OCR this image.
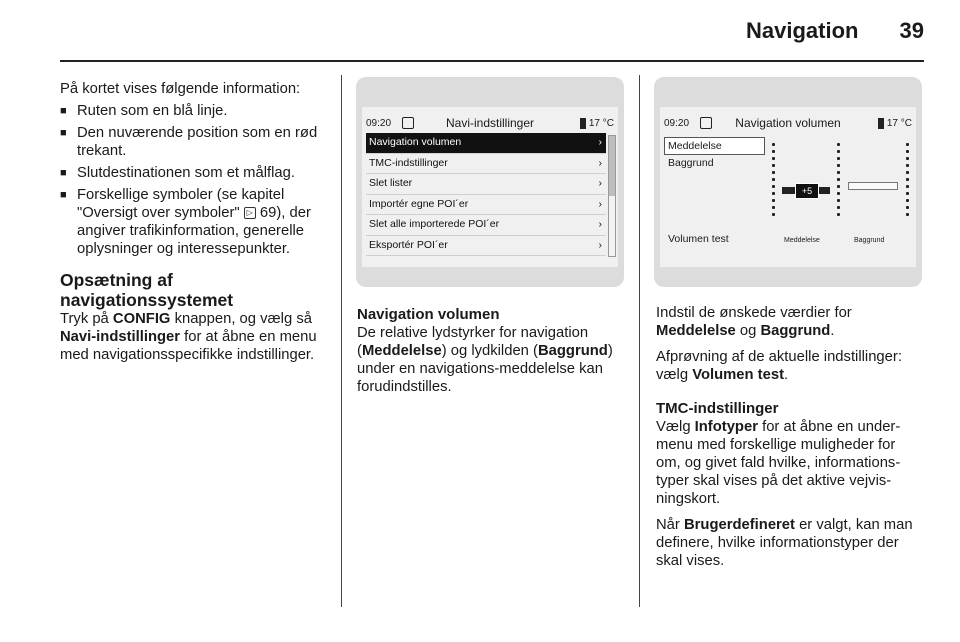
Navigation	39

På kortet vises følgende information:

■ Ruten som en blå linje.

■ Den nuværende position som en rød trekant.

■ Slutdestinationen som et målflag.

■ Forskellige symboler (se kapitel "Oversigt over symboler" ▷ 69), der angiver trafikinformation, generelle oplysninger og interessepunkter.

Opsætning af navigationssystemet

Tryk på CONFIG knappen, og vælg så Navi-indstillinger for at åbne en menu med navigationsspecifikke indstillinger.

09:20	Navi-indstillinger	17 °C
Navigation volumen	›
TMC-indstillinger	›
Slet lister	›
Importér egne POI´er	›
Slet alle importerede POI´er	›
Eksportér POI´er	›
Navigation volumen

De relative lydstyrker for navigation (Meddelelse) og lydkilden (Baggrund) under en navigations-meddelelse kan forudindstilles.

09:20	Navigation volumen	17 °C
Meddelelse
Baggrund
Volumen test
+5
Meddelelse	Baggrund

Indstil de ønskede værdier for Meddelelse og Baggrund.

Afprøvning af de aktuelle indstillinger: vælg Volumen test.

TMC-indstillinger

Vælg Infotyper for at åbne en under-menu med forskellige muligheder for om, og givet fald hvilke, informations-typer skal vises på det aktive vejvis-ningskort.

Når Brugerdefineret er valgt, kan man definere, hvilke informationstyper der skal vises.
